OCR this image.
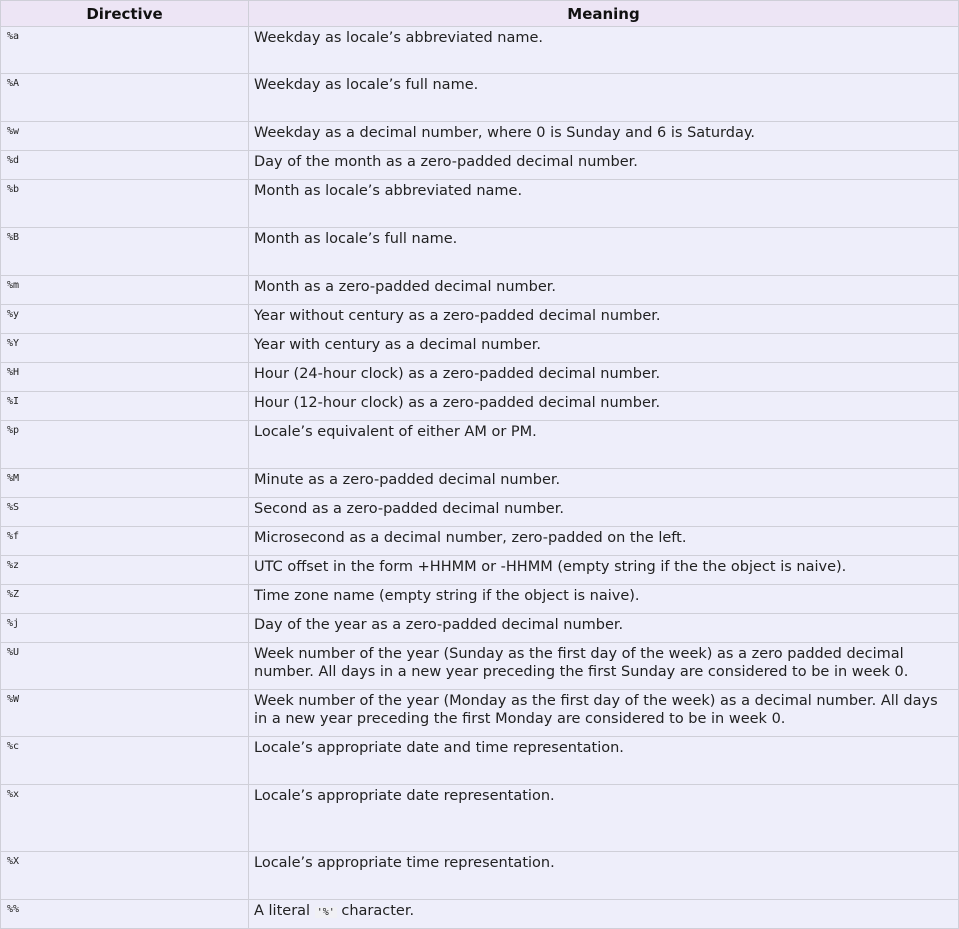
Directive	Meaning
%a	Weekday as locale’s abbreviated name.
%A	Weekday as locale’s full name.
%w	Weekday as a decimal number, where 0 is Sunday and 6 is Saturday.
%d	Day of the month as a zero-padded decimal number.
%b	Month as locale’s abbreviated name.
%B	Month as locale’s full name.
%m	Month as a zero-padded decimal number.
%y	Year without century as a zero-padded decimal number.
%Y	Year with century as a decimal number.
%H	Hour (24-hour clock) as a zero-padded decimal number.
%I	Hour (12-hour clock) as a zero-padded decimal number.
%p	Locale’s equivalent of either AM or PM.
%M	Minute as a zero-padded decimal number.
%S	Second as a zero-padded decimal number.
%f	Microsecond as a decimal number, zero-padded on the left.
%z	UTC offset in the form +HHMM or -HHMM (empty string if the the object is naive).
%Z	Time zone name (empty string if the object is naive).
%j	Day of the year as a zero-padded decimal number.
%U	Week number of the year (Sunday as the first day of the week) as a zero padded decimal number. All days in a new year preceding the first Sunday are considered to be in week 0.
%W	Week number of the year (Monday as the first day of the week) as a decimal number. All days in a new year preceding the first Monday are considered to be in week 0.
%c	Locale’s appropriate date and time representation.
%x	Locale’s appropriate date representation.
%X	Locale’s appropriate time representation.
%%	A literal '%' character.
